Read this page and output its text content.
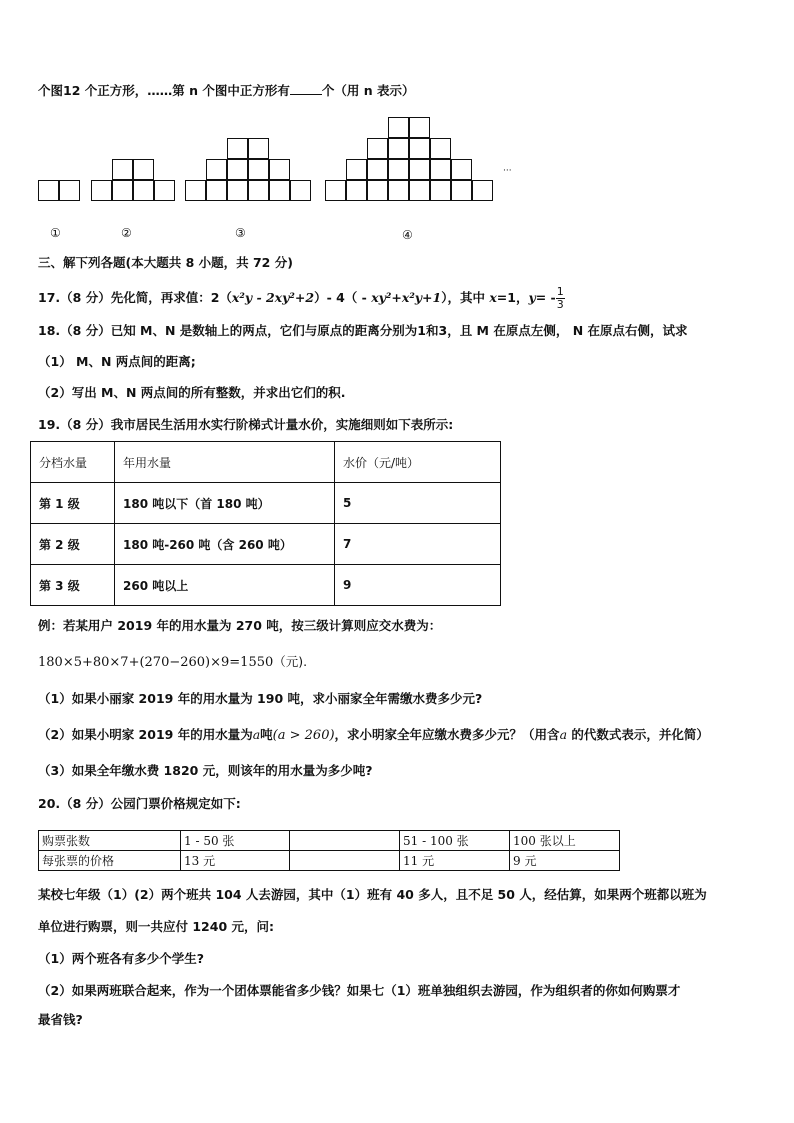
个图12 个正方形，……第 n 个图中正方形有	个（用 n 表示）
···
①	②	③	④
三、解下列各题(本大题共 8 小题，共 72 分)
17.（8 分）先化简，再求值：2（x²y - 2xy²+2）- 4（ - xy²+x²y+1），其中 x=1，$y= - \frac{1}{3}$
18.（8 分）已知 M、N 是数轴上的两点，它们与原点的距离分别为1和3，且 M 在原点左侧， N 在原点右侧，试求
（1） M、N 两点间的距离;
（2）写出 M、N 两点间的所有整数，并求出它们的积.
19.（8 分）我市居民生活用水实行阶梯式计量水价，实施细则如下表所示:
分档水量	年用水量	水价（元/吨）
第 1 级	180 吨以下（首 180 吨）	5
第 2 级	180 吨-260 吨（含 260 吨）	7
第 3 级	260 吨以上	9
例：若某用户 2019 年的用水量为 270 吨，按三级计算则应交水费为：
180×5+80×7+(270−260)×9=1550（元).
（1）如果小丽家 2019 年的用水量为 190 吨，求小丽家全年需缴水费多少元?
（2）如果小明家 2019 年的用水量为a吨(a > 260)，求小明家全年应缴水费多少元？（用含a 的代数式表示，并化简）
（3）如果全年缴水费 1820 元，则该年的用水量为多少吨?
20.（8 分）公园门票价格规定如下:
购票张数	1 - 50 张		51 - 100 张	100 张以上
每张票的价格	13 元		11 元	9 元
某校七年级（1）(2）两个班共 104 人去游园，其中（1）班有 40 多人，且不足 50 人，经估算，如果两个班都以班为
单位进行购票，则一共应付 1240 元，问:
（1）两个班各有多少个学生?
（2）如果两班联合起来，作为一个团体票能省多少钱？如果七（1）班单独组织去游园，作为组织者的你如何购票才
最省钱?
